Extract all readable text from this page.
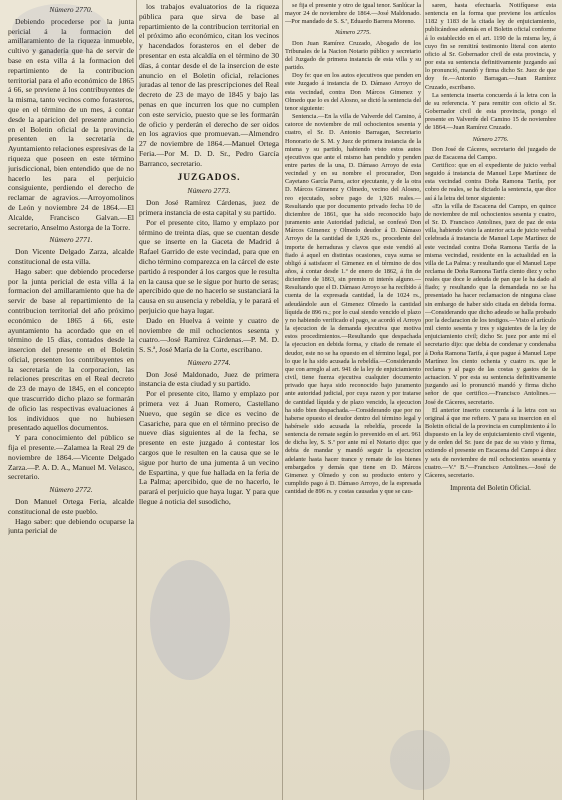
Número 2770.
Debiendo procederse por la junta pericial á la formacion del amillaramiento de la riqueza inmueble, cultivo y ganadería que ha de servir de base en esta villa á la formacion del repartimiento de la contribucion territorial para el año económico de 1865 á 66, se previene á los contribuyentes de la misma, tanto vecinos como forasteros, que en el término de un mes, á contar desde la aparicion del presente anuncio en el Boletin oficial de la provincia, presenten en la secretaría de Ayuntamiento relaciones espresivas de la riqueza que poseen en este término jurisdiccional, bien entendido que de no hacerlo les para el perjuicio consiguiente, perdiendo el derecho de reclamar de agravios.—Arroyomolinos de León y noviembre 24 de 1864.—El Alcalde, Francisco Galvan.—El secretario, Anselmo Astorga de la Torre.
Número 2771.
Don Vicente Delgado Zarza, alcalde constitucional de esta villa.
Hago saber: que debiendo procederse por la junta pericial de esta villa á la formacion del amillaramiento que ha de servir de base al repartimiento de la contribucion territorial del año próximo económico de 1865 á 66, este ayuntamiento ha acordado que en el término de 15 días, contados desde la insercion del presente en el Boletin oficial, presenten los contribuyentes en la secretaría de la corporacion, las relaciones prescritas en el Real decreto de 23 de mayo de 1845, en el concepto que trascurrido dicho plazo se formarán de oficio las respectivas evaluaciones á los individuos que no hubiesen presentado aquellos documentos.
Y para conocimiento del público se fija el presente.—Zalamea la Real 29 de noviembre de 1864.—Vicente Delgado Zarza.—P. A. D. A., Manuel M. Velasco, secretario.
Número 2772.
Don Manuel Ortega Feria, alcalde constitucional de este pueblo.
Hago saber: que debiendo ocuparse la junta pericial de
los trabajos evaluatorios de la riqueza pública para que sirva de base al repartimiento de la contribucion territorial en el próximo año económico, citan los vecinos y hacendados forasteros en el deber de presentar en esta alcaldía en el término de 30 días, á contar desde el de la insercion de este anuncio en el Boletin oficial, relaciones juradas al tenor de las prescripciones del Real decreto de 23 de mayo de 1845 y bajo las penas en que incurren los que no cumplen con este servicio, puesto que se les formarán de oficio y perderán el derecho de ser oidos en los agravios que promuevan.—Almendro 27 de noviembre de 1864.—Manuel Ortega Feria.—Por M. D. D. Sr., Pedro García Barranco, secretario.
JUZGADOS.
Número 2773.
Don José Ramírez Cárdenas, juez de primera instancia de esta capital y su partido.
Por el presente cito, llamo y emplazo por término de treinta días, que se cuentan desde que se inserte en la Gaceta de Madrid á Rafael Garrido de este vecindad, para que en dicho término comparezca en la cárcel de este partido á responder á los cargos que le resulta en la causa que se le sigue por hurto de seras; apercibido que de no hacerlo se sustanciará la causa en su ausencia y rebeldía, y le parará el perjuicio que haya lugar.
Dado en Huelva á veinte y cuatro de noviembre de mil ochocientos sesenta y cuatro.—José Ramírez Cárdenas.—P. M. D. S. S.ª, José María de la Corte, escribano.
Número 2774.
Don José Maldonado, Juez de primera instancia de esta ciudad y su partido.
Por el presente cito, llamo y emplazo por primera vez á Juan Romero, Castellano Nuevo, que según se dice es vecino de Casariche, para que en el término preciso de nueve días siguientes al de la fecha, se presente en este juzgado á contestar los cargos que le resulten en la causa que se le sigue por hurto de una jumenta á un vecino de Espartina, y que fue hallada en la feria de La Palma; apercibido, que de no hacerlo, le parará el perjuicio que haya lugar. Y para que llegue á noticia del susodicho,
se fija el presente y otro de igual tenor. Sanlúcar la mayor 24 de noviembre de 1864.—José Maldonado.—Por mandado de S. S.ª, Eduardo Barrera Moreno.
Número 2775.
Don Juan Ramírez Cruzado, Abogado de los Tribunales de la Nacion Notario público y secretario del Juzgado de primera instancia de esta villa y su partido.
Doy fe: que en los autos ejecutivos que penden en este Juzgado á instancia de D. Dámaso Arroyo de esta vecindad, contra Don Márcos Gimenez y Olmedo que lo es del Alosno, se dictó la sentencia del tenor siguiente:
Sentencia.—En la villa de Valverde del Camino, á catorce de noviembre de mil ochocientos sesenta y cuatro, el Sr. D. Antonio Barragan, Secretario Honorario de S. M. y Juez de primera instancia de la misma y su partido, habiendo visto estos autos ejecutivos que ante el mismo han pendido y penden entre partes de la una, D. Dámaso Arroyo de esta vecindad y en su nombre el procurador, Don Cayetano García Parra, actor ejecutante, y de la otra D. Márcos Gimenez y Olmedo, vecino del Alosno, reo ejecutado, sobre pago de 1,926 reales.—Resultando que por documento privado fecha 10 de diciembre de 1861, que ha sido reconocido bajo juramento ante Autoridad judicial, se confesó Don Márcos Gimenez y Olmedo deudor á D. Dámaso Arroyo de la cantidad de 1,926 rs., procedente del importe de herraduras y clavos que este vendió al fiado á aquel en distintas ocasiones, cuya suma se obligó á satisfacer el Gimenez en el término de dos años, á contar desde 1.º de enero de 1862, á fin de diciembre de 1863, sin premio ni interés alguno.—Resultando que el D. Dámaso Arroyo se ha recibido á cuenta de la expresada cantidad, la de 1024 rs., adeudándole aun el Gimenez Olmedo la cantidad líquida de 896 rs.; por lo cual siendo vencido el plazo y no habiendo verificado el pago, se acordó el Arroyo la ejecucion de la demanda ejecutiva que motiva estos procedimientos.—Resultando que despachada la ejecucion en debida forma, y citado de remate el deudor, este no se ha opuesto en el término legal, por lo que le ha sido acusada la rebeldía.—Considerando que con arreglo al art. 941 de la ley de enjuiciamiento civil, tiene fuerza ejecutiva cualquier documento privado que haya sido reconocido bajo juramento ante autoridad judicial, por cuya razon y por tratarse de cantidad líquida y de plazo vencido, la ejecucion ha sido bien despachada.—Considerando que por no haberse opuesto el deudor dentro del término legal y habérsele sido acusada la rebeldía, procede la sentencia de remate según lo prevenido en el art. 961 de dicha ley, S. S.ª por ante mí el Notario dijo: que debia de mandar y mandó seguir la ejecucion adelante hasta hacer trance y remate de los bienes embargados y demás que tiene en D. Márcos Gimenez y Olmedo y con su producto entero y cumplido pago á D. Dámaso Arroyo, de la espresada cantidad de 896 rs. y costas causadas y que se cau-
saren, hasta efectuarla. Notifíquese esta sentencia en la forma que previene los artículos 1182 y 1183 de la citada ley de enjuiciamiento, publicándose además en el Boletin oficial conforme á lo establecido en el art. 1190 de la misma ley, á cuyo fin se remitirá testimonio literal con atento oficio al Sr. Gobernador civil de esta provincia, y por esta su sentencia definitivamente juzgando así lo pronunció, mandó y firma dicho Sr. Juez de que doy fe.—Antonio Barragan.—Juan Ramírez Cruzado, escribano.
La sentencia inserta concuerda á la letra con la de su referencia. Y para remitir con oficio al Sr. Gobernador civil de esta provincia, pongo el presente en Valverde del Camino 15 de noviembre de 1864.—Juan Ramírez Cruzado.
Número 2776.
Don José de Cáceres, secretario del juzgado de paz de Escacena del Campo.
Certifico: que en el expediente de juicio verbal seguido á instancia de Manuel Lepe Martínez de esta vecindad contra Doña Ramona Tarifa, por cobro de reales, se ha dictado la sentencia, que dice así á la letra del tenor siguiente:
«En la villa de Escacena del Campo, en quince de noviembre de mil ochocientos sesenta y cuatro, el Sr. D. Francisco Antolines, juez de paz de esta villa, habiendo visto la anterior acta de juicio verbal celebrada á instancia de Manuel Lepe Martínez de este vecindad contra Doña Ramona Tarifa de la misma vecindad, residente en la actualidad en la villa de La Palma: y resultando que el Manuel Lepe reclama de Doña Ramona Tarifa ciento diez y ocho reales que doce le adeuda de pan que le ha dado al fiado; y resultando que la demandada no se ha presentado ha hacer reclamacion de ninguna clase sin embargo de haber sido citada en debida forma.—Considerando que dicho adeudo se halla probado por la declaracion de los testigos.—Visto el artículo mil ciento sesenta y tres y siguientes de la ley de enjuiciamiento civil; dicho Sr. juez por ante mí el secretario dijo: que debia de condenar y condenaba á Doña Ramona Tarifa, á que pague á Manuel Lepe Martínez los ciento ochenta y cuatro rs. que le reclama y al pago de las costas y gastos de la actuacion. Y por esta su sentencia definitivamente juzgando así lo pronunció mandó y firma dicho señor de que certifico.—Francisco Antolines.—José de Cáceres, secretario.
El anterior inserto concuerda á la letra con su original á que me refiero. Y para su insercion en el Boletin oficial de la provincia en cumplimiento á lo dispuesto en la ley de enjuiciamiento civil vigente, y de orden del Sr. juez de paz de su visto y firma, extiendo el presente en Escacena del Campo á diez y seis de noviembre de mil ochocientos sesenta y cuatro.—V.º B.º—Francisco Antolines.—José de Cáceres, secretario.
Imprenta del Boletin Oficial.
